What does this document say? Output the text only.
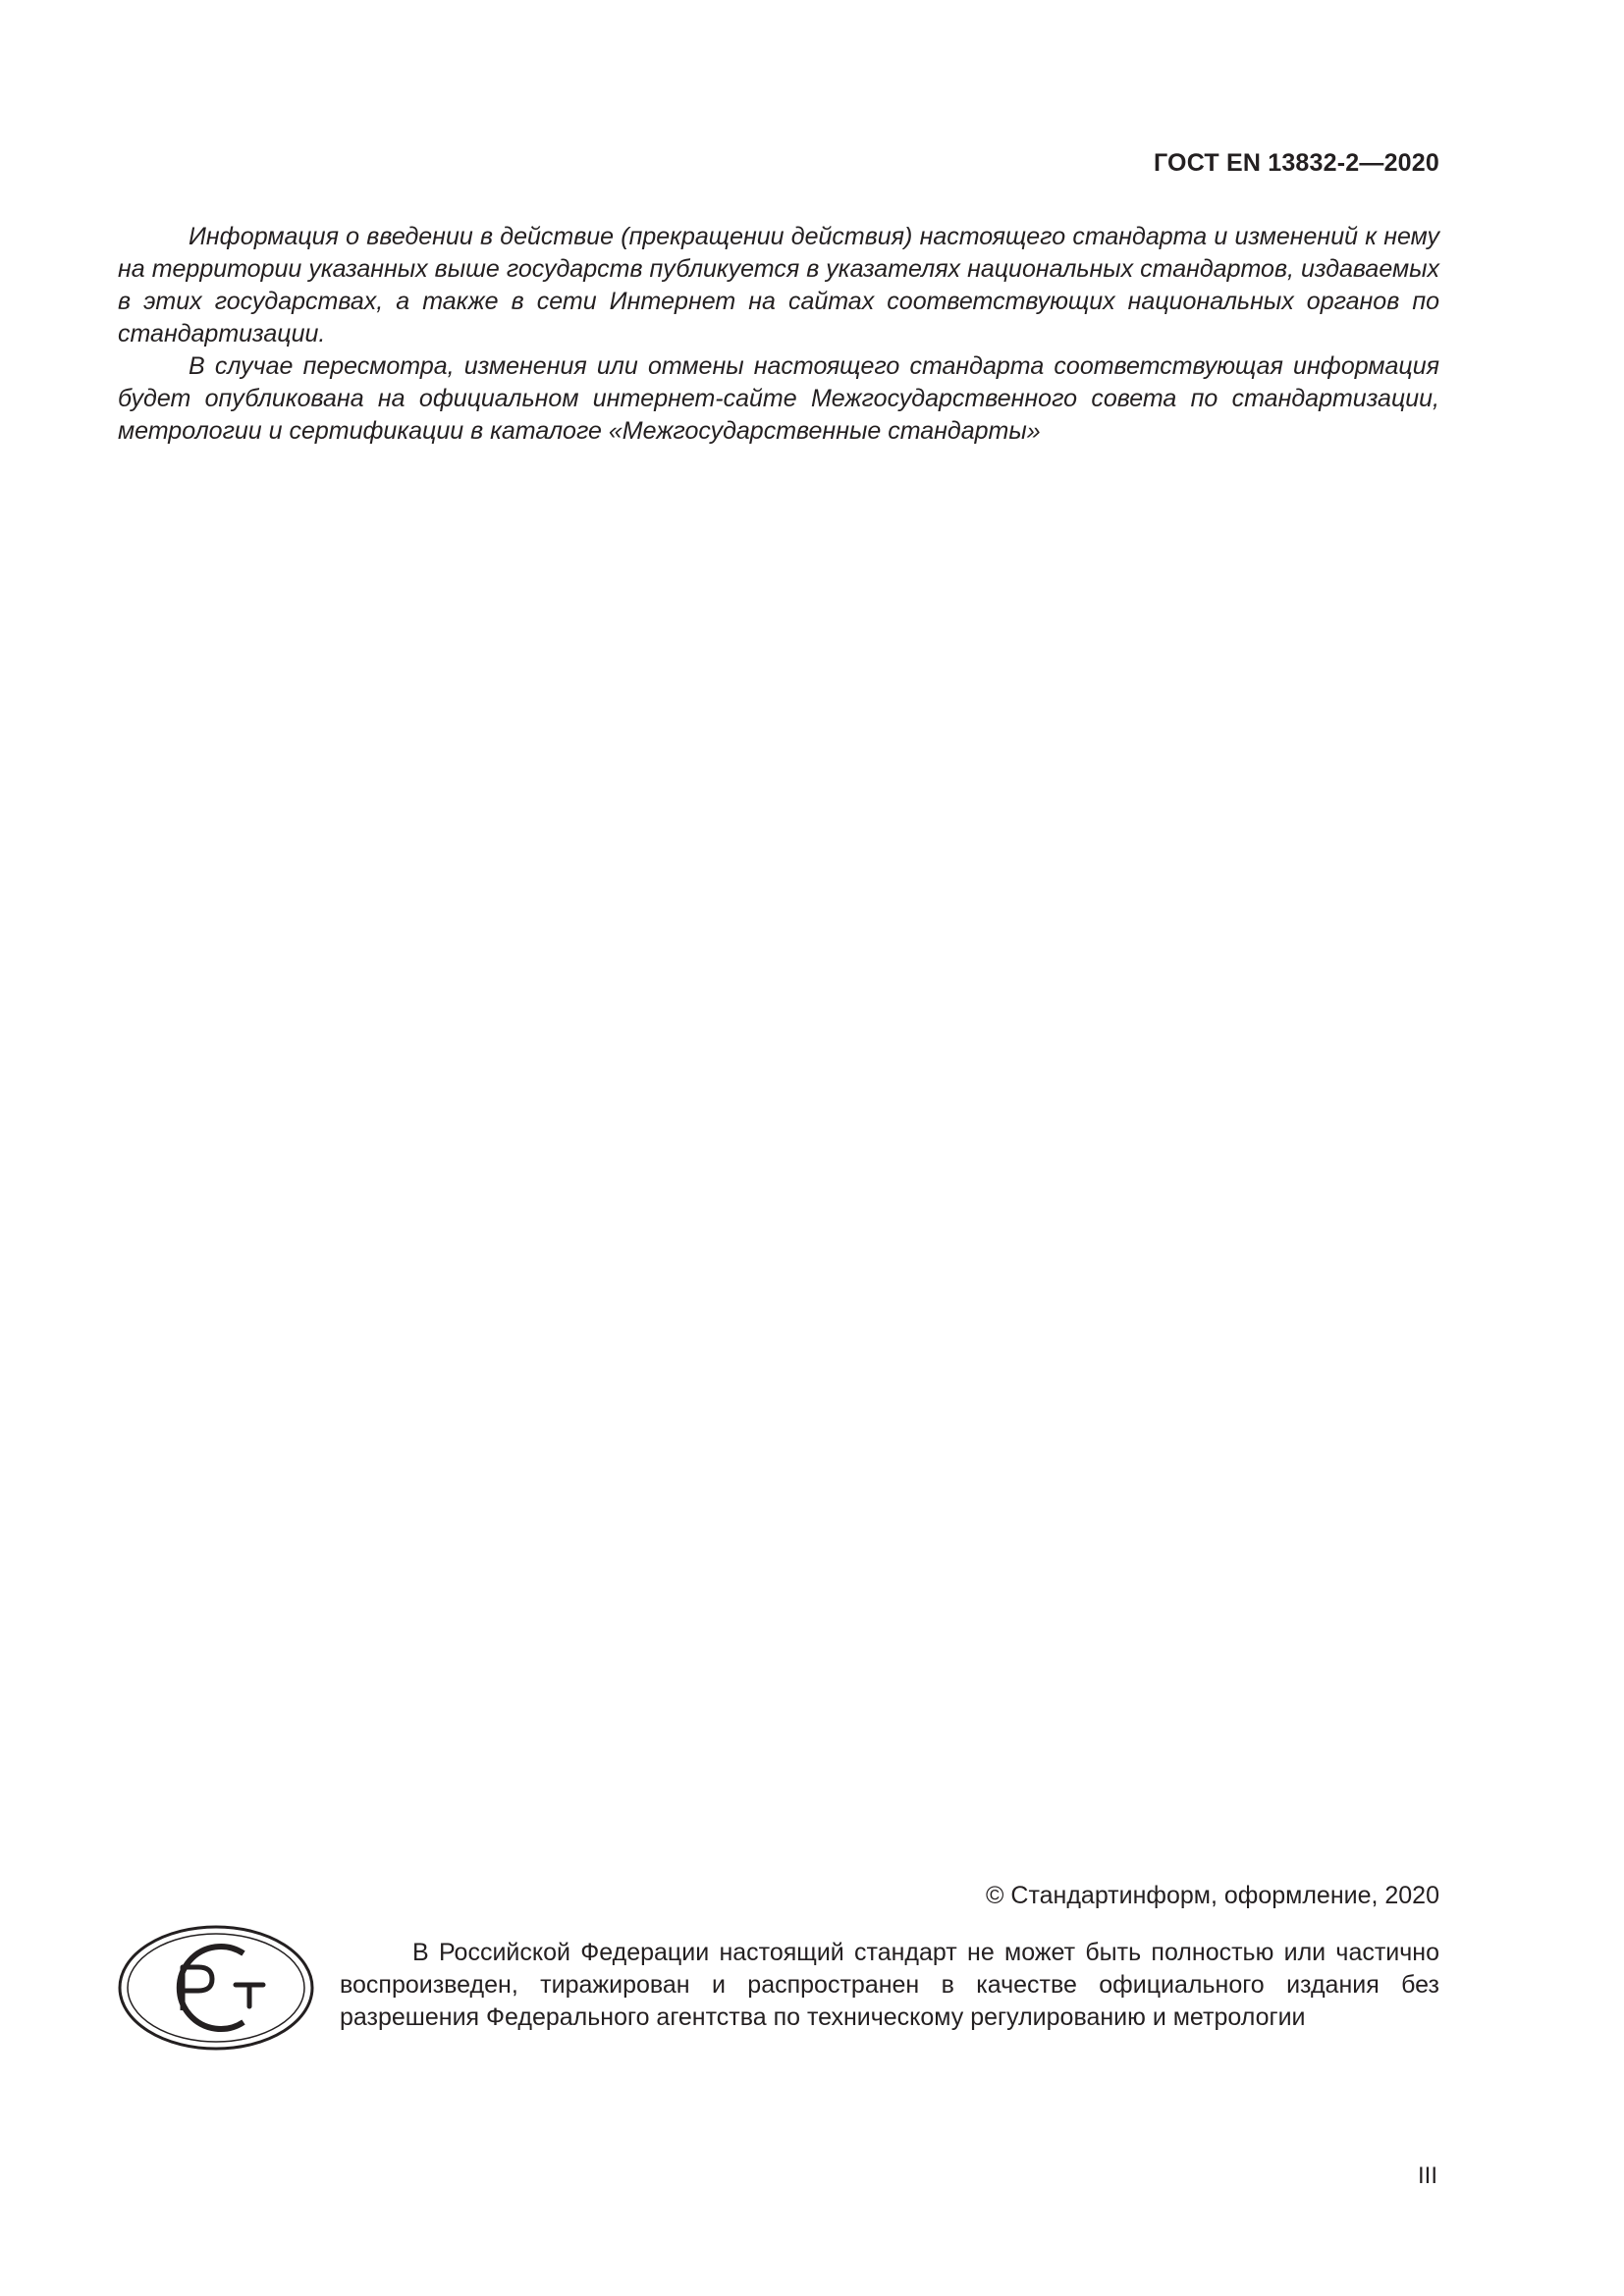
ГОСТ EN 13832-2—2020

Информация о введении в действие (прекращении действия) настоящего стандарта и изменений к нему на территории указанных выше государств публикуется в указателях национальных стандартов, издаваемых в этих государствах, а также в сети Интернет на сайтах соответствующих национальных органов по стандартизации.

В случае пересмотра, изменения или отмены настоящего стандарта соответствующая информация будет опубликована на официальном интернет-сайте Межгосударственного совета по стандартизации, метрологии и сертификации в каталоге «Межгосударственные стандарты»

© Стандартинформ, оформление, 2020

В Российской Федерации настоящий стандарт не может быть полностью или частично воспроизведен, тиражирован и распространен в качестве официального издания без разрешения Федерального агентства по техническому регулированию и метрологии

III
